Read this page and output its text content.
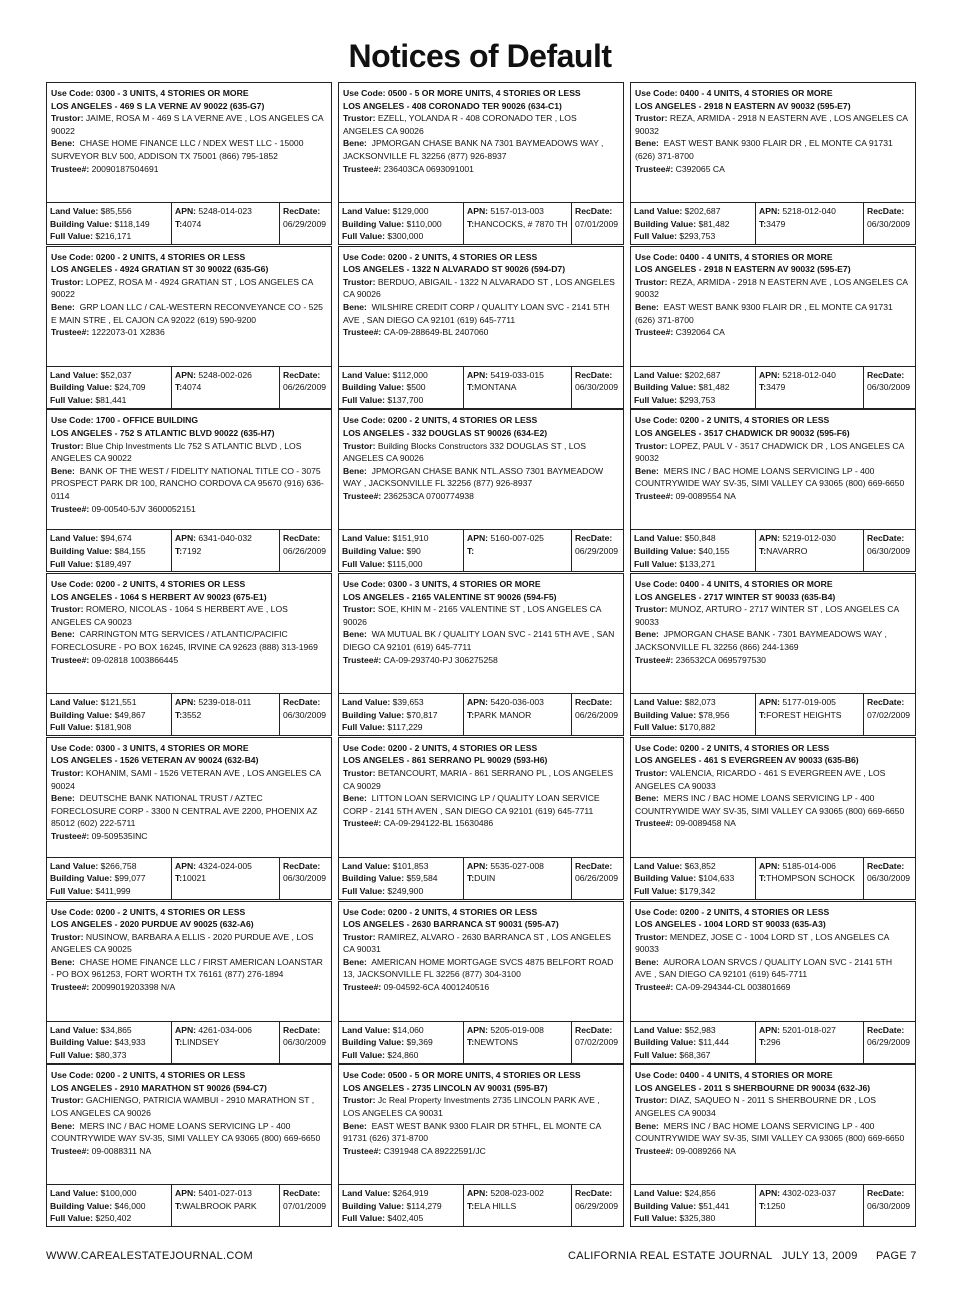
Notices of Default
Use Code: 0300 - 3 UNITS, 4 STORIES OR MORE
LOS ANGELES - 469 S LA VERNE AV 90022 (635-G7)
Trustor: JAIME, ROSA M - 469 S LA VERNE AVE , LOS ANGELES CA 90022
Bene: CHASE HOME FINANCE LLC / NDEX WEST LLC - 15000 SURVEYOR BLV 500, ADDISON TX 75001 (866) 795-1852
Trustee#: 20090187504691
Land Value: $85,556
Building Value: $118,149
Full Value: $216,171
APN: 5248-014-023
T:4074
RecDate:
06/29/2009
Use Code: 0200 - 2 UNITS, 4 STORIES OR LESS
LOS ANGELES - 4924 GRATIAN ST 30 90022 (635-G6)
Trustor: LOPEZ, ROSA M - 4924 GRATIAN ST , LOS ANGELES CA 90022
Bene: GRP LOAN LLC / CAL-WESTERN RECONVEYANCE CO - 525 E MAIN STRE , EL CAJON CA 92022 (619) 590-9200
Trustee#: 1222073-01 X2836
Land Value: $52,037
Building Value: $24,709
Full Value: $81,441
APN: 5248-002-026
T:4074
RecDate:
06/26/2009
Use Code: 1700 - OFFICE BUILDING
LOS ANGELES - 752 S ATLANTIC BLVD 90022 (635-H7)
Trustor: Blue Chip Investments Llc 752 S ATLANTIC BLVD , LOS ANGELES CA 90022
Bene: BANK OF THE WEST / FIDELITY NATIONAL TITLE CO - 3075 PROSPECT PARK DR 100, RANCHO CORDOVA CA 95670 (916) 636-0114
Trustee#: 09-00540-5JV 3600052151
Land Value: $94,674
Building Value: $84,155
Full Value: $189,497
APN: 6341-040-032
T:7192
RecDate:
06/26/2009
Use Code: 0200 - 2 UNITS, 4 STORIES OR LESS
LOS ANGELES - 1064 S HERBERT AV 90023 (675-E1)
Trustor: ROMERO, NICOLAS - 1064 S HERBERT AVE , LOS ANGELES CA 90023
Bene: CARRINGTON MTG SERVICES / ATLANTIC/PACIFIC FORECLOSURE - PO BOX 16245, IRVINE CA 92623 (888) 313-1969
Trustee#: 09-02818 1003866445
Land Value: $121,551
Building Value: $49,867
Full Value: $181,908
APN: 5239-018-011
T:3552
RecDate:
06/30/2009
Use Code: 0300 - 3 UNITS, 4 STORIES OR MORE
LOS ANGELES - 1526 VETERAN AV 90024 (632-B4)
Trustor: KOHANIM, SAMI - 1526 VETERAN AVE , LOS ANGELES CA 90024
Bene: DEUTSCHE BANK NATIONAL TRUST / AZTEC FORECLOSURE CORP - 3300 N CENTRAL AVE 2200, PHOENIX AZ 85012 (602) 222-5711
Trustee#: 09-509535INC
Land Value: $266,758
Building Value: $99,077
Full Value: $411,999
APN: 4324-024-005
T:10021
RecDate:
06/30/2009
Use Code: 0200 - 2 UNITS, 4 STORIES OR LESS
LOS ANGELES - 2020 PURDUE AV 90025 (632-A6)
Trustor: NUSINOW, BARBARA A ELLIS - 2020 PURDUE AVE , LOS ANGELES CA 90025
Bene: CHASE HOME FINANCE LLC / FIRST AMERICAN LOANSTAR - PO BOX 961253, FORT WORTH TX 76161 (877) 276-1894
Trustee#: 20099019203398 N/A
Land Value: $34,865
Building Value: $43,933
Full Value: $80,373
APN: 4261-034-006
T:LINDSEY
RecDate:
06/30/2009
Use Code: 0200 - 2 UNITS, 4 STORIES OR LESS
LOS ANGELES - 2910 MARATHON ST 90026 (594-C7)
Trustor: GACHIENGO, PATRICIA WAMBUI - 2910 MARATHON ST , LOS ANGELES CA 90026
Bene: MERS INC / BAC HOME LOANS SERVICING LP - 400 COUNTRYWIDE WAY SV-35, SIMI VALLEY CA 93065 (800) 669-6650
Trustee#: 09-0088311 NA
Land Value: $100,000
Building Value: $46,000
Full Value: $250,402
APN: 5401-027-013
T:WALBROOK PARK
RecDate:
07/01/2009
Use Code: 0500 - 5 OR MORE UNITS, 4 STORIES OR LESS
LOS ANGELES - 408 CORONADO TER 90026 (634-C1)
Trustor: EZELL, YOLANDA R - 408 CORONADO TER , LOS ANGELES CA 90026
Bene: JPMORGAN CHASE BANK NA 7301 BAYMEADOWS WAY , JACKSONVILLE FL 32256 (877) 926-8937
Trustee#: 236403CA 0693091001
Land Value: $129,000
Building Value: $110,000
Full Value: $300,000
APN: 5157-013-003
T:HANCOCKS, # 7870 TH
RecDate:
07/01/2009
Use Code: 0200 - 2 UNITS, 4 STORIES OR LESS
LOS ANGELES - 1322 N ALVARADO ST 90026 (594-D7)
Trustor: BERDUO, ABIGAIL - 1322 N ALVARADO ST , LOS ANGELES CA 90026
Bene: WILSHIRE CREDIT CORP / QUALITY LOAN SVC - 2141 5TH AVE , SAN DIEGO CA 92101 (619) 645-7711
Trustee#: CA-09-288649-BL 2407060
Land Value: $112,000
Building Value: $500
Full Value: $137,700
APN: 5419-033-015
T:MONTANA
RecDate:
06/30/2009
Use Code: 0200 - 2 UNITS, 4 STORIES OR LESS
LOS ANGELES - 332 DOUGLAS ST 90026 (634-E2)
Trustor: Building Blocks Constructors 332 DOUGLAS ST , LOS ANGELES CA 90026
Bene: JPMORGAN CHASE BANK NTL.ASSO 7301 BAYMEADOW WAY , JACKSONVILLE FL 32256 (877) 926-8937
Trustee#: 236253CA 0700774938
Land Value: $151,910
Building Value: $90
Full Value: $115,000
APN: 5160-007-025
T:
RecDate:
06/29/2009
Use Code: 0300 - 3 UNITS, 4 STORIES OR MORE
LOS ANGELES - 2165 VALENTINE ST 90026 (594-F5)
Trustor: SOE, KHIN M - 2165 VALENTINE ST , LOS ANGELES CA 90026
Bene: WA MUTUAL BK / QUALITY LOAN SVC - 2141 5TH AVE , SAN DIEGO CA 92101 (619) 645-7711
Trustee#: CA-09-293740-PJ 306275258
Land Value: $39,653
Building Value: $70,817
Full Value: $117,229
APN: 5420-036-003
T:PARK MANOR
RecDate:
06/26/2009
Use Code: 0200 - 2 UNITS, 4 STORIES OR LESS
LOS ANGELES - 861 SERRANO PL 90029 (593-H6)
Trustor: BETANCOURT, MARIA - 861 SERRANO PL , LOS ANGELES CA 90029
Bene: LITTON LOAN SERVICING LP / QUALITY LOAN SERVICE CORP - 2141 5TH AVEN , SAN DIEGO CA 92101 (619) 645-7711
Trustee#: CA-09-294122-BL 15630486
Land Value: $101,853
Building Value: $59,584
Full Value: $249,900
APN: 5535-027-008
T:DUIN
RecDate:
06/26/2009
Use Code: 0200 - 2 UNITS, 4 STORIES OR LESS
LOS ANGELES - 2630 BARRANCA ST 90031 (595-A7)
Trustor: RAMIREZ, ALVARO - 2630 BARRANCA ST , LOS ANGELES CA 90031
Bene: AMERICAN HOME MORTGAGE SVCS 4875 BELFORT ROAD 13, JACKSONVILLE FL 32256 (877) 304-3100
Trustee#: 09-04592-6CA 4001240516
Land Value: $14,060
Building Value: $9,369
Full Value: $24,860
APN: 5205-019-008
T:NEWTONS
RecDate:
07/02/2009
Use Code: 0500 - 5 OR MORE UNITS, 4 STORIES OR LESS
LOS ANGELES - 2735 LINCOLN AV 90031 (595-B7)
Trustor: Jc Real Property Investments 2735 LINCOLN PARK AVE , LOS ANGELES CA 90031
Bene: EAST WEST BANK 9300 FLAIR DR 5THFL, EL MONTE CA 91731 (626) 371-8700
Trustee#: C391948 CA 89222591/JC
Land Value: $264,919
Building Value: $114,279
Full Value: $402,405
APN: 5208-023-002
T:ELA HILLS
RecDate:
06/29/2009
Use Code: 0400 - 4 UNITS, 4 STORIES OR MORE
LOS ANGELES - 2918 N EASTERN AV 90032 (595-E7)
Trustor: REZA, ARMIDA - 2918 N EASTERN AVE , LOS ANGELES CA 90032
Bene: EAST WEST BANK 9300 FLAIR DR , EL MONTE CA 91731 (626) 371-8700
Trustee#: C392065 CA
Land Value: $202,687
Building Value: $81,482
Full Value: $293,753
APN: 5218-012-040
T:3479
RecDate:
06/30/2009
Use Code: 0400 - 4 UNITS, 4 STORIES OR MORE
LOS ANGELES - 2918 N EASTERN AV 90032 (595-E7)
Trustor: REZA, ARMIDA - 2918 N EASTERN AVE , LOS ANGELES CA 90032
Bene: EAST WEST BANK 9300 FLAIR DR , EL MONTE CA 91731 (626) 371-8700
Trustee#: C392064 CA
Land Value: $202,687
Building Value: $81,482
Full Value: $293,753
APN: 5218-012-040
T:3479
RecDate:
06/30/2009
Use Code: 0200 - 2 UNITS, 4 STORIES OR LESS
LOS ANGELES - 3517 CHADWICK DR 90032 (595-F6)
Trustor: LOPEZ, PAUL V - 3517 CHADWICK DR , LOS ANGELES CA 90032
Bene: MERS INC / BAC HOME LOANS SERVICING LP - 400 COUNTRYWIDE WAY SV-35, SIMI VALLEY CA 93065 (800) 669-6650
Trustee#: 09-0089554 NA
Land Value: $50,848
Building Value: $40,155
Full Value: $133,271
APN: 5219-012-030
T:NAVARRO
RecDate:
06/30/2009
Use Code: 0400 - 4 UNITS, 4 STORIES OR MORE
LOS ANGELES - 2717 WINTER ST 90033 (635-B4)
Trustor: MUNOZ, ARTURO - 2717 WINTER ST , LOS ANGELES CA 90033
Bene: JPMORGAN CHASE BANK - 7301 BAYMEADOWS WAY , JACKSONVILLE FL 32256 (866) 244-1369
Trustee#: 236532CA 0695797530
Land Value: $82,073
Building Value: $78,956
Full Value: $170,882
APN: 5177-019-005
T:FOREST HEIGHTS
RecDate:
07/02/2009
Use Code: 0200 - 2 UNITS, 4 STORIES OR LESS
LOS ANGELES - 461 S EVERGREEN AV 90033 (635-B6)
Trustor: VALENCIA, RICARDO - 461 S EVERGREEN AVE , LOS ANGELES CA 90033
Bene: MERS INC / BAC HOME LOANS SERVICING LP - 400 COUNTRYWIDE WAY SV-35, SIMI VALLEY CA 93065 (800) 669-6650
Trustee#: 09-0089458 NA
Land Value: $63,852
Building Value: $104,633
Full Value: $179,342
APN: 5185-014-006
T:THOMPSON SCHOCK
RecDate:
06/30/2009
Use Code: 0200 - 2 UNITS, 4 STORIES OR LESS
LOS ANGELES - 1004 LORD ST 90033 (635-A3)
Trustor: MENDEZ, JOSE C - 1004 LORD ST , LOS ANGELES CA 90033
Bene: AURORA LOAN SRVCS / QUALITY LOAN SVC - 2141 5TH AVE , SAN DIEGO CA 92101 (619) 645-7711
Trustee#: CA-09-294344-CL 003801669
Land Value: $52,983
Building Value: $11,444
Full Value: $68,367
APN: 5201-018-027
T:296
RecDate:
06/29/2009
Use Code: 0400 - 4 UNITS, 4 STORIES OR MORE
LOS ANGELES - 2011 S SHERBOURNE DR 90034 (632-J6)
Trustor: DIAZ, SAQUEO N - 2011 S SHERBOURNE DR , LOS ANGELES CA 90034
Bene: MERS INC / BAC HOME LOANS SERVICING LP - 400 COUNTRYWIDE WAY SV-35, SIMI VALLEY CA 93065 (800) 669-6650
Trustee#: 09-0089266 NA
Land Value: $24,856
Building Value: $51,441
Full Value: $325,380
APN: 4302-023-037
T:1250
RecDate:
06/30/2009
WWW.CAREALESTATEJOURNAL.COM	CALIFORNIA REAL ESTATE JOURNAL JULY 13, 2009 PAGE 7
